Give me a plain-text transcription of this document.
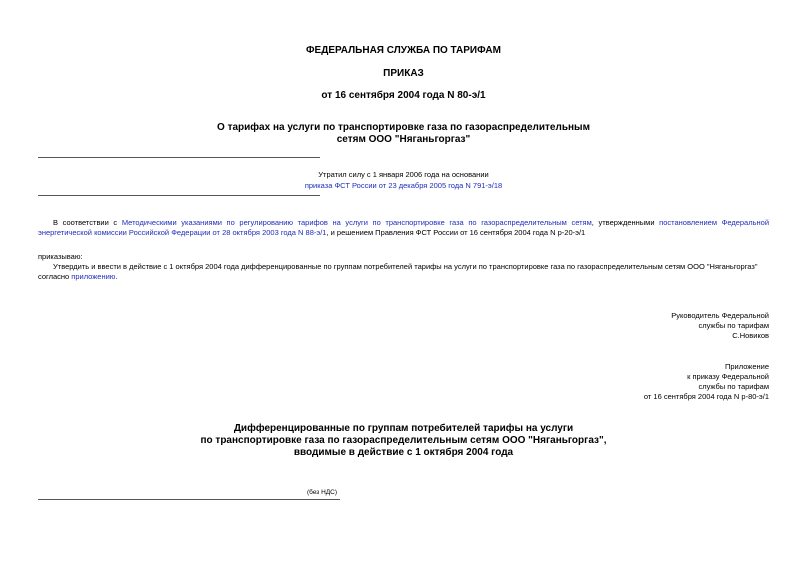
ФЕДЕРАЛЬНАЯ СЛУЖБА ПО ТАРИФАМ
ПРИКАЗ
от 16 сентября 2004 года N 80-э/1
О тарифах на услуги по транспортировке газа по газораспределительным
сетям ООО "Няганьгоргаз"
Утратил силу с 1 января 2006 года на основании
приказа ФСТ России от 23 декабря 2005 года N 791-э/18
В соответствии с Методическими указаниями по регулированию тарифов на услуги по транспортировке газа по газораспределительным сетям, утвержденными постановлением Федеральной энергетической комиссии Российской Федерации от 28 октября 2003 года N 88-э/1, и решением Правления ФСТ России от 16 сентября 2004 года N р-20-э/1
приказываю:
Утвердить и ввести в действие с 1 октября 2004 года дифференцированные по группам потребителей тарифы на услуги по транспортировке газа по газораспределительным сетям ООО "Няганьгоргаз" согласно приложению.

Руководитель Федеральной

службы по тарифам

С.Новиков

Приложение

к приказу Федеральной

службы по тарифам

от 16 сентября 2004 года N р-80-э/1

Дифференцированные по группам потребителей тарифы на услуги
по транспортировке газа по газораспределительным сетям ООО "Няганьгоргаз",
вводимые в действие с 1 октября 2004 года
(без НДС)
